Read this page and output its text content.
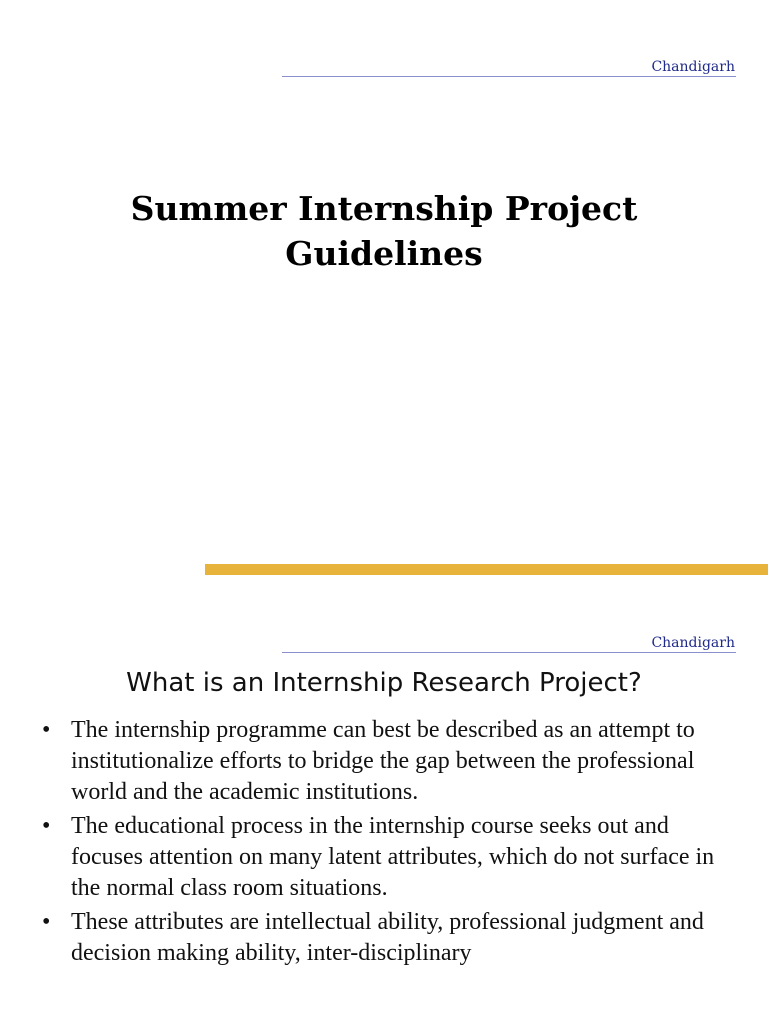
Chandigarh
Summer Internship Project
Guidelines
Chandigarh
What is an Internship Research Project?
• The internship programme can best be described as an attempt to institutionalize efforts to bridge the gap between the professional world and the academic institutions.
• The educational process in the internship course seeks out and focuses attention on many latent attributes, which do not surface in the normal class room situations.
• These attributes are intellectual ability, professional judgment and decision making ability, inter-disciplinary
